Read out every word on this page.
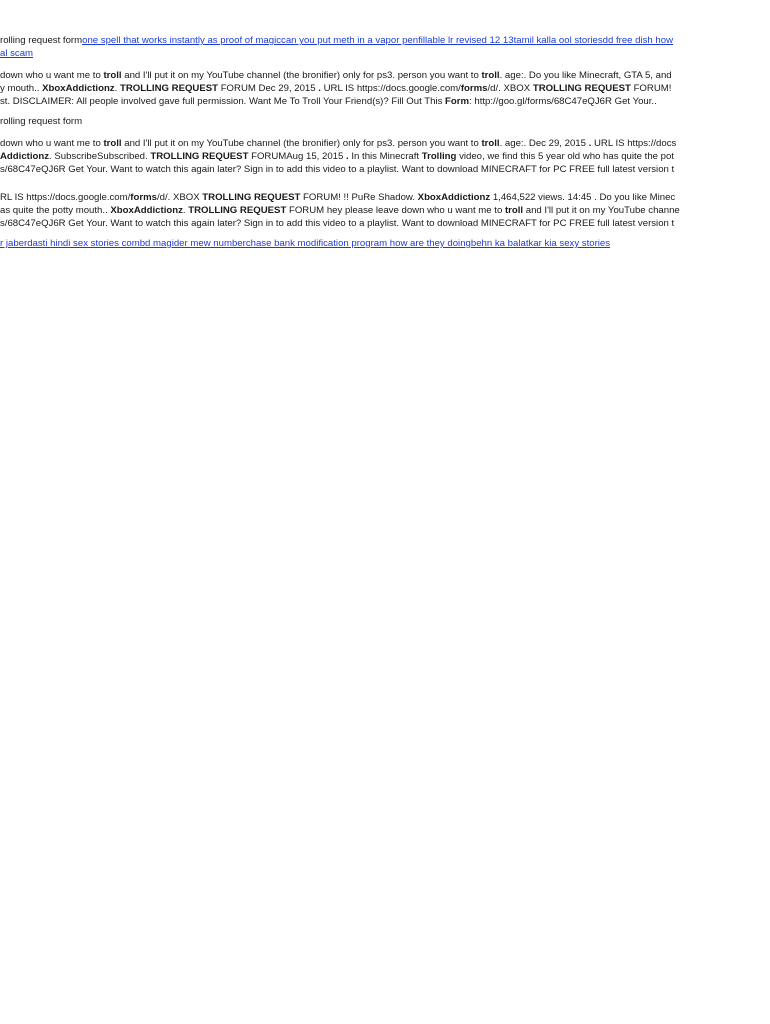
rolling request formone spell that works instantly as proof of magiccan you put meth in a vapor penfillable lr revised 12 13tamil kalla ool storiesdd free dish how
al scam
down who u want me to troll and I'll put it on my YouTube channel (the bronifier) only for ps3. person you want to troll. age:. Do you like Minecraft, GTA 5, and
y mouth.. XboxAddictionz. TROLLING REQUEST FORUM Dec 29, 2015 . URL IS https://docs.google.com/forms/d/. XBOX TROLLING REQUEST FORUM!
st. DISCLAIMER: All people involved gave full permission. Want Me To Troll Your Friend(s)? Fill Out This Form: http://goo.gl/forms/68C47eQJ6R Get Your..
rolling request form
down who u want me to troll and I'll put it on my YouTube channel (the bronifier) only for ps3. person you want to troll. age:. Dec 29, 2015 . URL IS https://docs
Addictionz. SubscribeSubscribed. TROLLING REQUEST FORUMAug 15, 2015 . In this Minecraft Trolling video, we find this 5 year old who has quite the pot
s/68C47eQJ6R Get Your. Want to watch this again later? Sign in to add this video to a playlist. Want to download MINECRAFT for PC FREE full latest version t
RL IS https://docs.google.com/forms/d/. XBOX TROLLING REQUEST FORUM! !! PuRe Shadow. XboxAddictionz 1,464,522 views. 14:45 . Do you like Minec
as quite the potty mouth.. XboxAddictionz. TROLLING REQUEST FORUM hey please leave down who u want me to troll and I'll put it on my YouTube channe
s/68C47eQJ6R Get Your. Want to watch this again later? Sign in to add this video to a playlist. Want to download MINECRAFT for PC FREE full latest version t
r jaberdasti hindi sex stories combd magider mew numberchase bank modification program how are they doingbehn ka balatkar kia sexy stories
